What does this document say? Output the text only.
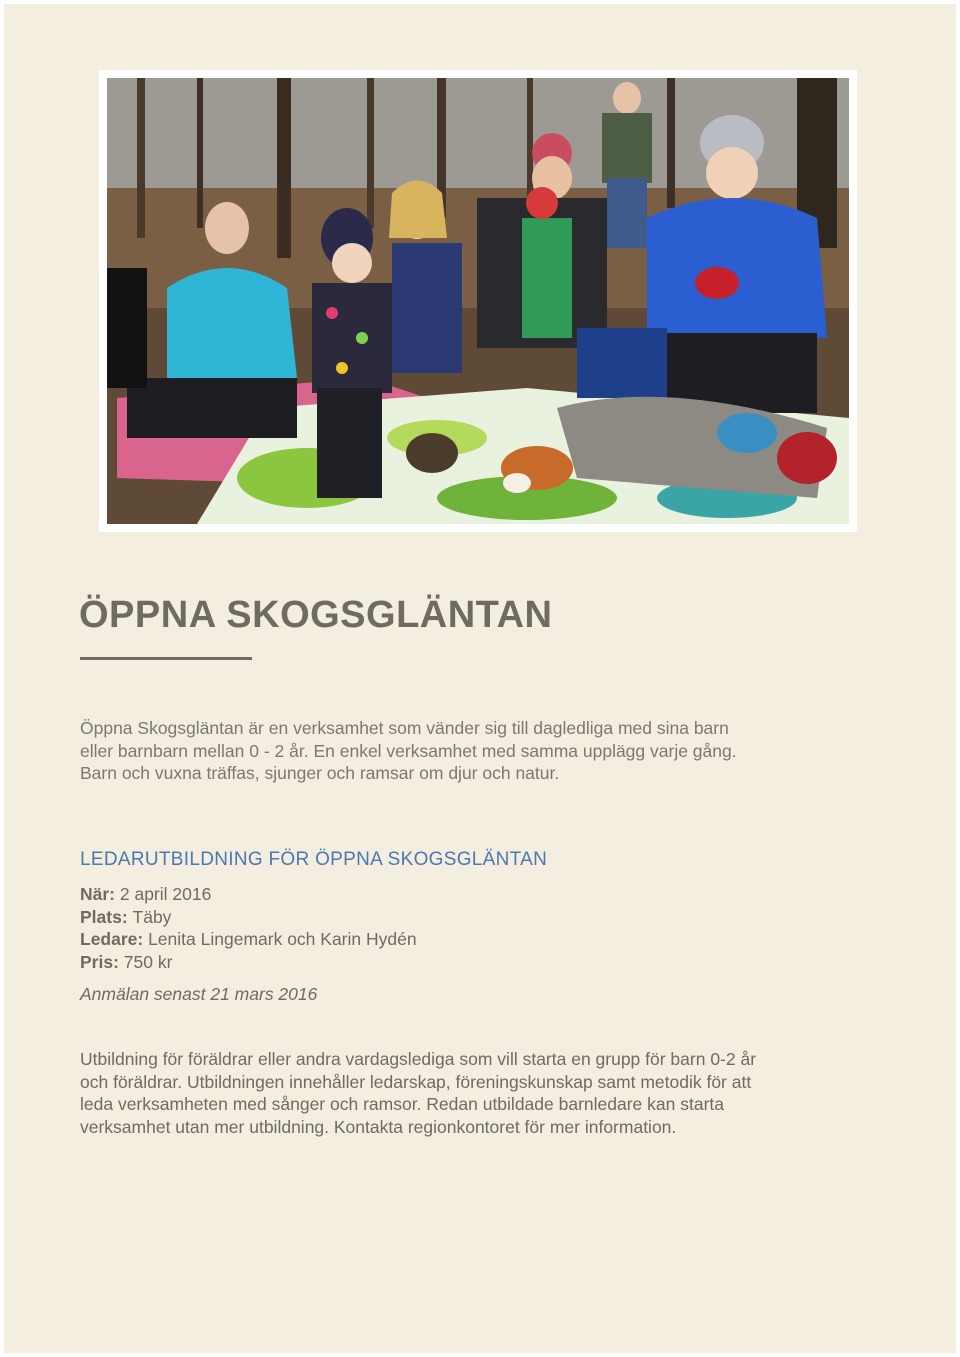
ÖPPNA SKOGSGLÄNTAN

Öppna Skogsgläntan är en verksamhet som vänder sig till dagledliga med sina barn eller barnbarn mellan 0 - 2 år. En enkel verksamhet med samma upplägg varje gång. Barn och vuxna träffas, sjunger och ramsar om djur och natur.

LEDARUTBILDNING FÖR ÖPPNA SKOGSGLÄNTAN
När: 2 april 2016
Plats: Täby
Ledare: Lenita Lingemark och Karin Hydén
Pris: 750 kr

Anmälan senast 21 mars 2016

Utbildning för föräldrar eller andra vardagslediga som vill starta en grupp för barn 0-2 år och föräldrar. Utbildningen innehåller ledarskap, föreningskunskap samt metodik för att leda verksamheten med sånger och ramsor. Redan utbildade barnledare kan starta verksamhet utan mer utbildning. Kontakta regionkontoret för mer information.
